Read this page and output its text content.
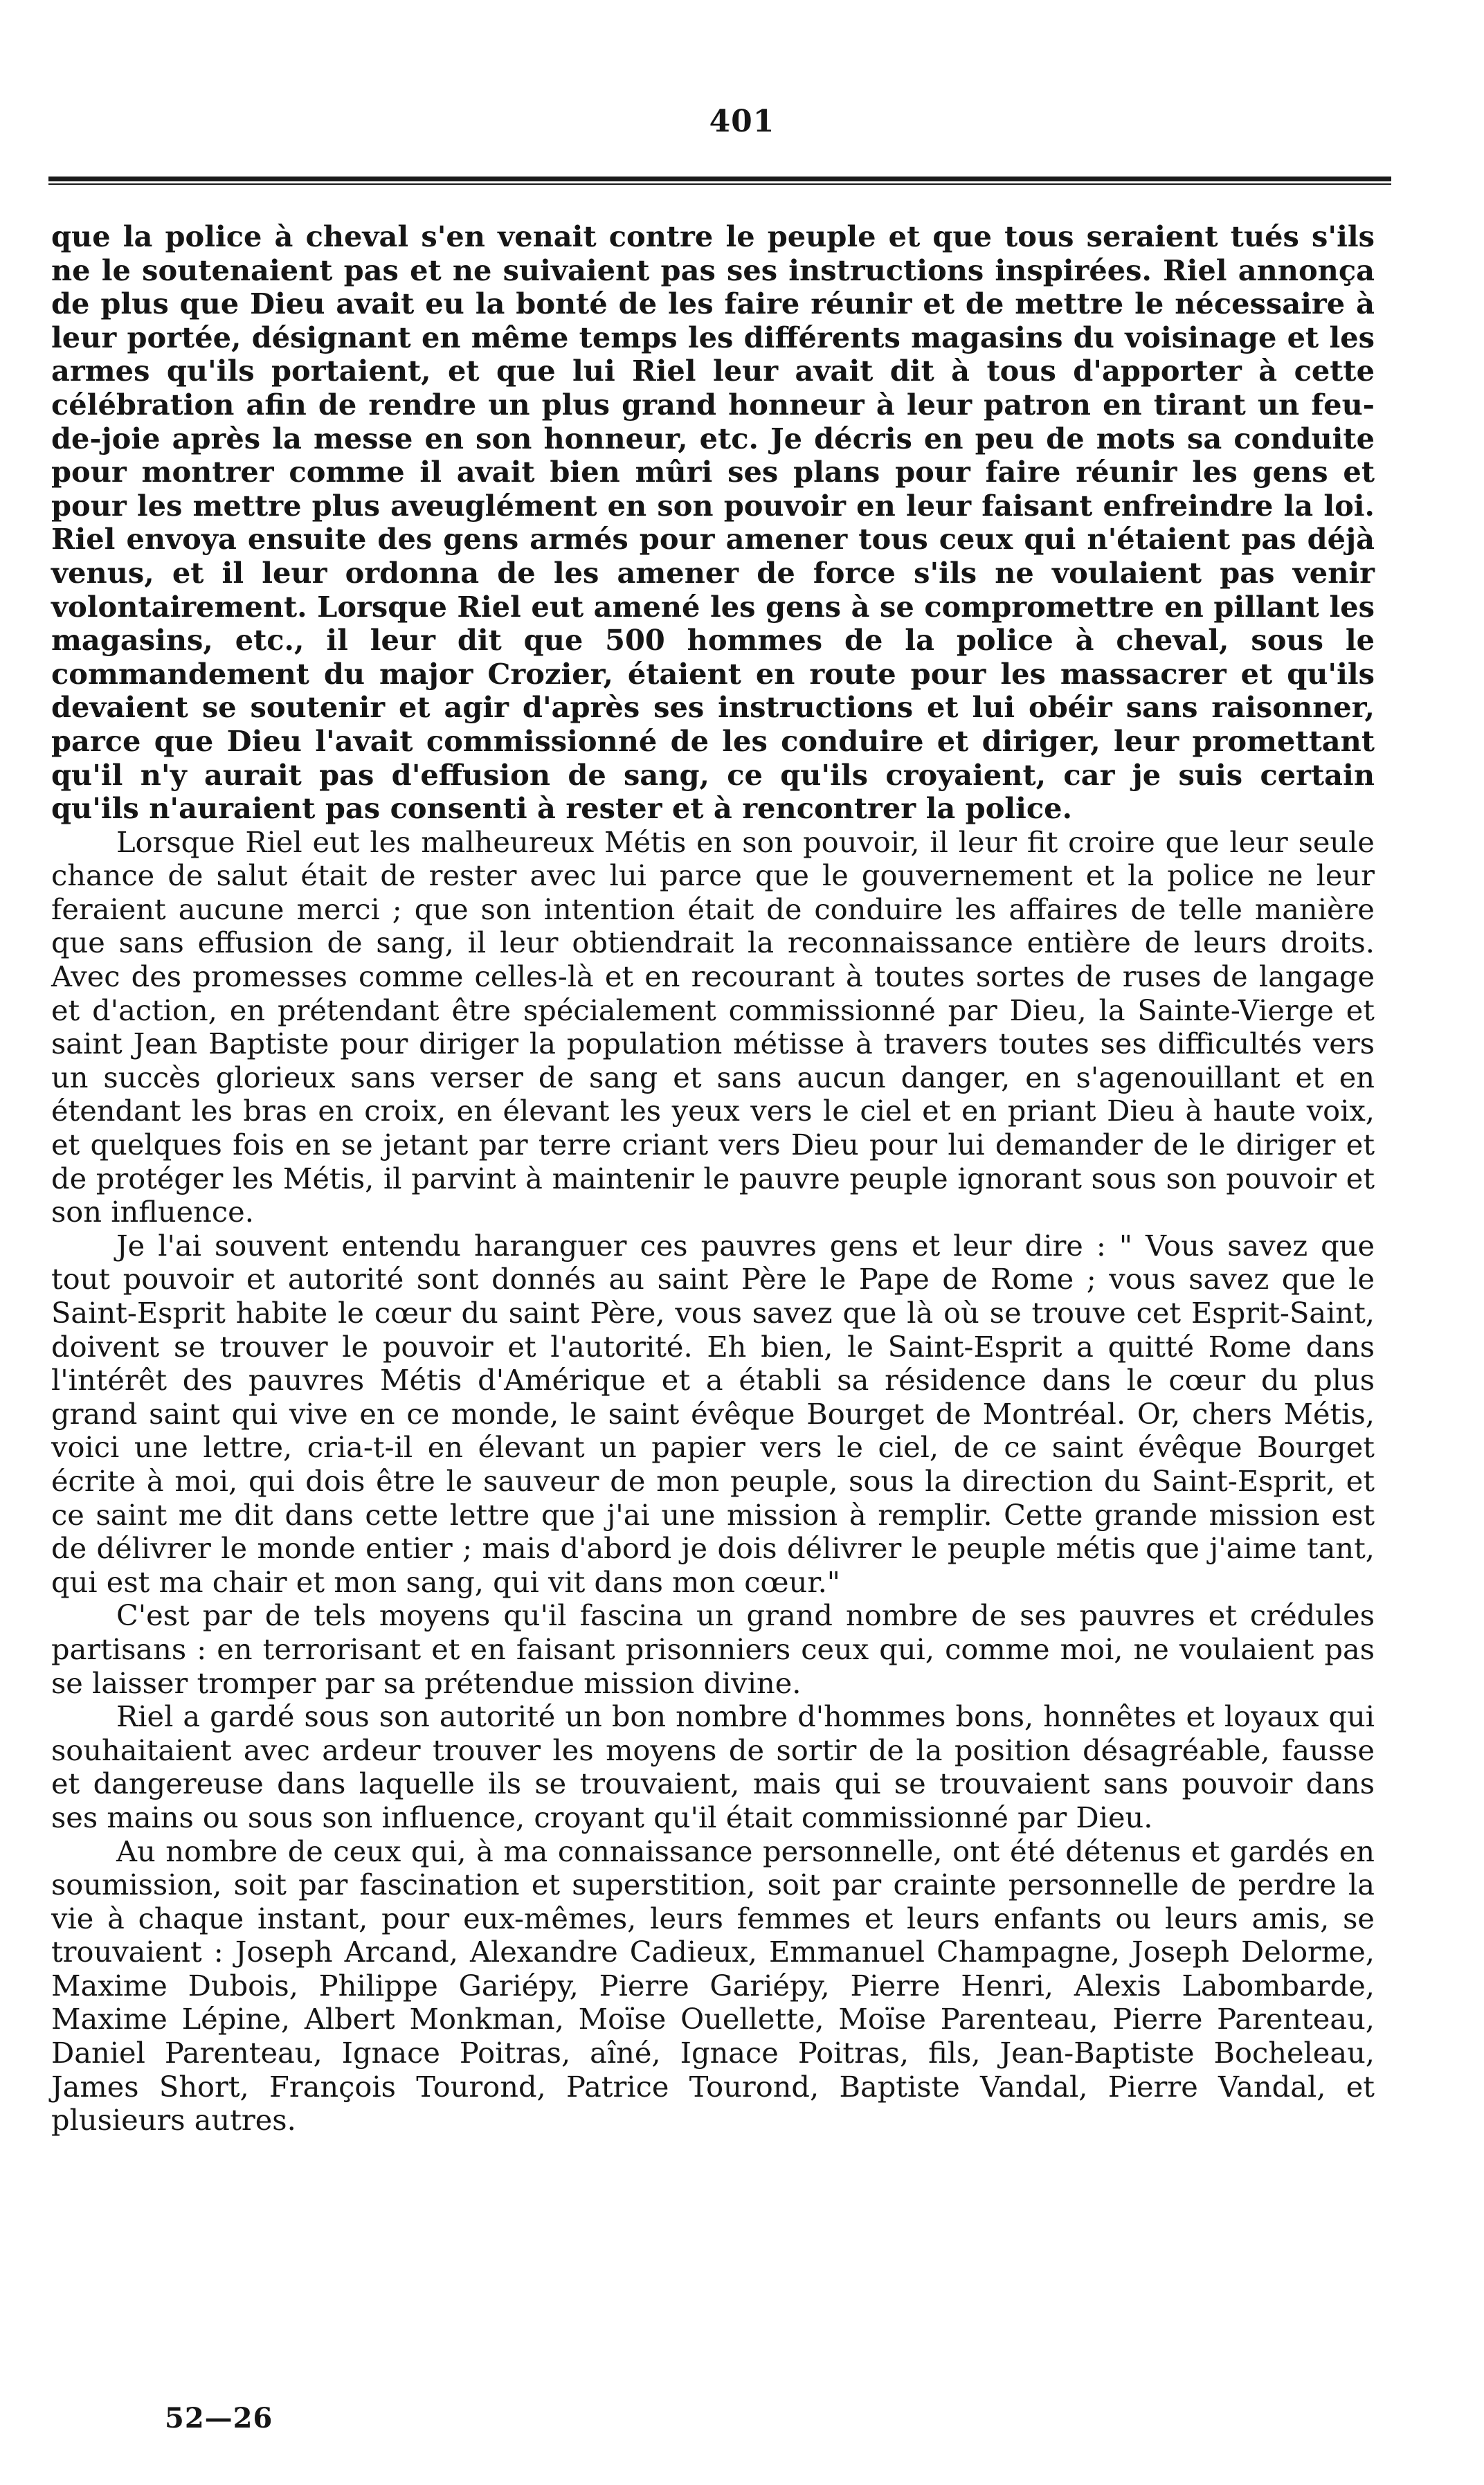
401

que la police à cheval s'en venait contre le peuple et que tous seraient tués s'ils ne le soutenaient pas et ne suivaient pas ses instructions inspirées. Riel annonça de plus que Dieu avait eu la bonté de les faire réunir et de mettre le nécessaire à leur portée, désignant en même temps les différents magasins du voisinage et les armes qu'ils portaient, et que lui Riel leur avait dit à tous d'apporter à cette célébration afin de rendre un plus grand honneur à leur patron en tirant un feu-de-joie après la messe en son honneur, etc. Je décris en peu de mots sa conduite pour montrer comme il avait bien mûri ses plans pour faire réunir les gens et pour les mettre plus aveuglément en son pouvoir en leur faisant enfreindre la loi. Riel envoya ensuite des gens armés pour amener tous ceux qui n'étaient pas déjà venus, et il leur ordonna de les amener de force s'ils ne voulaient pas venir volontairement. Lorsque Riel eut amené les gens à se compromettre en pillant les magasins, etc., il leur dit que 500 hommes de la police à cheval, sous le commandement du major Crozier, étaient en route pour les massacrer et qu'ils devaient se soutenir et agir d'après ses instructions et lui obéir sans raisonner, parce que Dieu l'avait commissionné de les conduire et diriger, leur promettant qu'il n'y aurait pas d'effusion de sang, ce qu'ils croyaient, car je suis certain qu'ils n'auraient pas consenti à rester et à rencontrer la police.

Lorsque Riel eut les malheureux Métis en son pouvoir, il leur fit croire que leur seule chance de salut était de rester avec lui parce que le gouvernement et la police ne leur feraient aucune merci ; que son intention était de conduire les affaires de telle manière que sans effusion de sang, il leur obtiendrait la reconnaissance entière de leurs droits. Avec des promesses comme celles-là et en recourant à toutes sortes de ruses de langage et d'action, en prétendant être spécialement commissionné par Dieu, la Sainte-Vierge et saint Jean Baptiste pour diriger la population métisse à travers toutes ses difficultés vers un succès glorieux sans verser de sang et sans aucun danger, en s'agenouillant et en étendant les bras en croix, en élevant les yeux vers le ciel et en priant Dieu à haute voix, et quelques fois en se jetant par terre criant vers Dieu pour lui demander de le diriger et de protéger les Métis, il parvint à maintenir le pauvre peuple ignorant sous son pouvoir et son influence.

Je l'ai souvent entendu haranguer ces pauvres gens et leur dire : " Vous savez que tout pouvoir et autorité sont donnés au saint Père le Pape de Rome ; vous savez que le Saint-Esprit habite le cœur du saint Père, vous savez que là où se trouve cet Esprit-Saint, doivent se trouver le pouvoir et l'autorité. Eh bien, le Saint-Esprit a quitté Rome dans l'intérêt des pauvres Métis d'Amérique et a établi sa résidence dans le cœur du plus grand saint qui vive en ce monde, le saint évêque Bourget de Montréal. Or, chers Métis, voici une lettre, cria-t-il en élevant un papier vers le ciel, de ce saint évêque Bourget écrite à moi, qui dois être le sauveur de mon peuple, sous la direction du Saint-Esprit, et ce saint me dit dans cette lettre que j'ai une mission à remplir. Cette grande mission est de délivrer le monde entier ; mais d'abord je dois délivrer le peuple métis que j'aime tant, qui est ma chair et mon sang, qui vit dans mon cœur."

C'est par de tels moyens qu'il fascina un grand nombre de ses pauvres et crédules partisans : en terrorisant et en faisant prisonniers ceux qui, comme moi, ne voulaient pas se laisser tromper par sa prétendue mission divine.

Riel a gardé sous son autorité un bon nombre d'hommes bons, honnêtes et loyaux qui souhaitaient avec ardeur trouver les moyens de sortir de la position désagréable, fausse et dangereuse dans laquelle ils se trouvaient, mais qui se trouvaient sans pouvoir dans ses mains ou sous son influence, croyant qu'il était commissionné par Dieu.

Au nombre de ceux qui, à ma connaissance personnelle, ont été détenus et gardés en soumission, soit par fascination et superstition, soit par crainte personnelle de perdre la vie à chaque instant, pour eux-mêmes, leurs femmes et leurs enfants ou leurs amis, se trouvaient : Joseph Arcand, Alexandre Cadieux, Emmanuel Champagne, Joseph Delorme, Maxime Dubois, Philippe Gariépy, Pierre Gariépy, Pierre Henri, Alexis Labombarde, Maxime Lépine, Albert Monkman, Moïse Ouellette, Moïse Parenteau, Pierre Parenteau, Daniel Parenteau, Ignace Poitras, aîné, Ignace Poitras, fils, Jean-Baptiste Bocheleau, James Short, François Tourond, Patrice Tourond, Baptiste Vandal, Pierre Vandal, et plusieurs autres.

52—26
